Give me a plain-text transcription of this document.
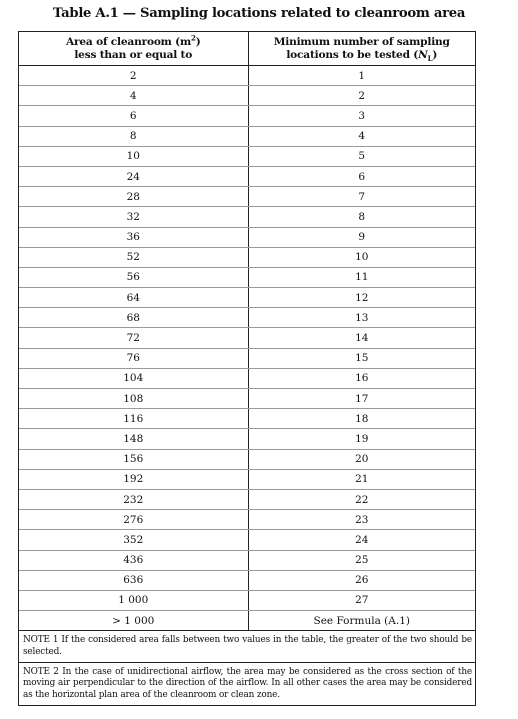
Table A.1 — Sampling locations related to cleanroom area
Area of cleanroom $(m^2)$
less than or equal to	Minimum number of sampling
locations to be tested $(N_L)$
2	1
4	2
6	3
8	4
10	5
24	6
28	7
32	8
36	9
52	10
56	11
64	12
68	13
72	14
76	15
104	16
108	17
116	18
148	19
156	20
192	21
232	22
276	23
352	24
436	25
636	26
1 000	27
> 1 000	See Formula (A.1)
NOTE 1 If the considered area falls between two values in the table, the greater of the two should be selected.
NOTE 2 In the case of unidirectional airflow, the area may be considered as the cross section of the moving air perpendicular to the direction of the airflow. In all other cases the area may be considered as the horizontal plan area of the cleanroom or clean zone.
